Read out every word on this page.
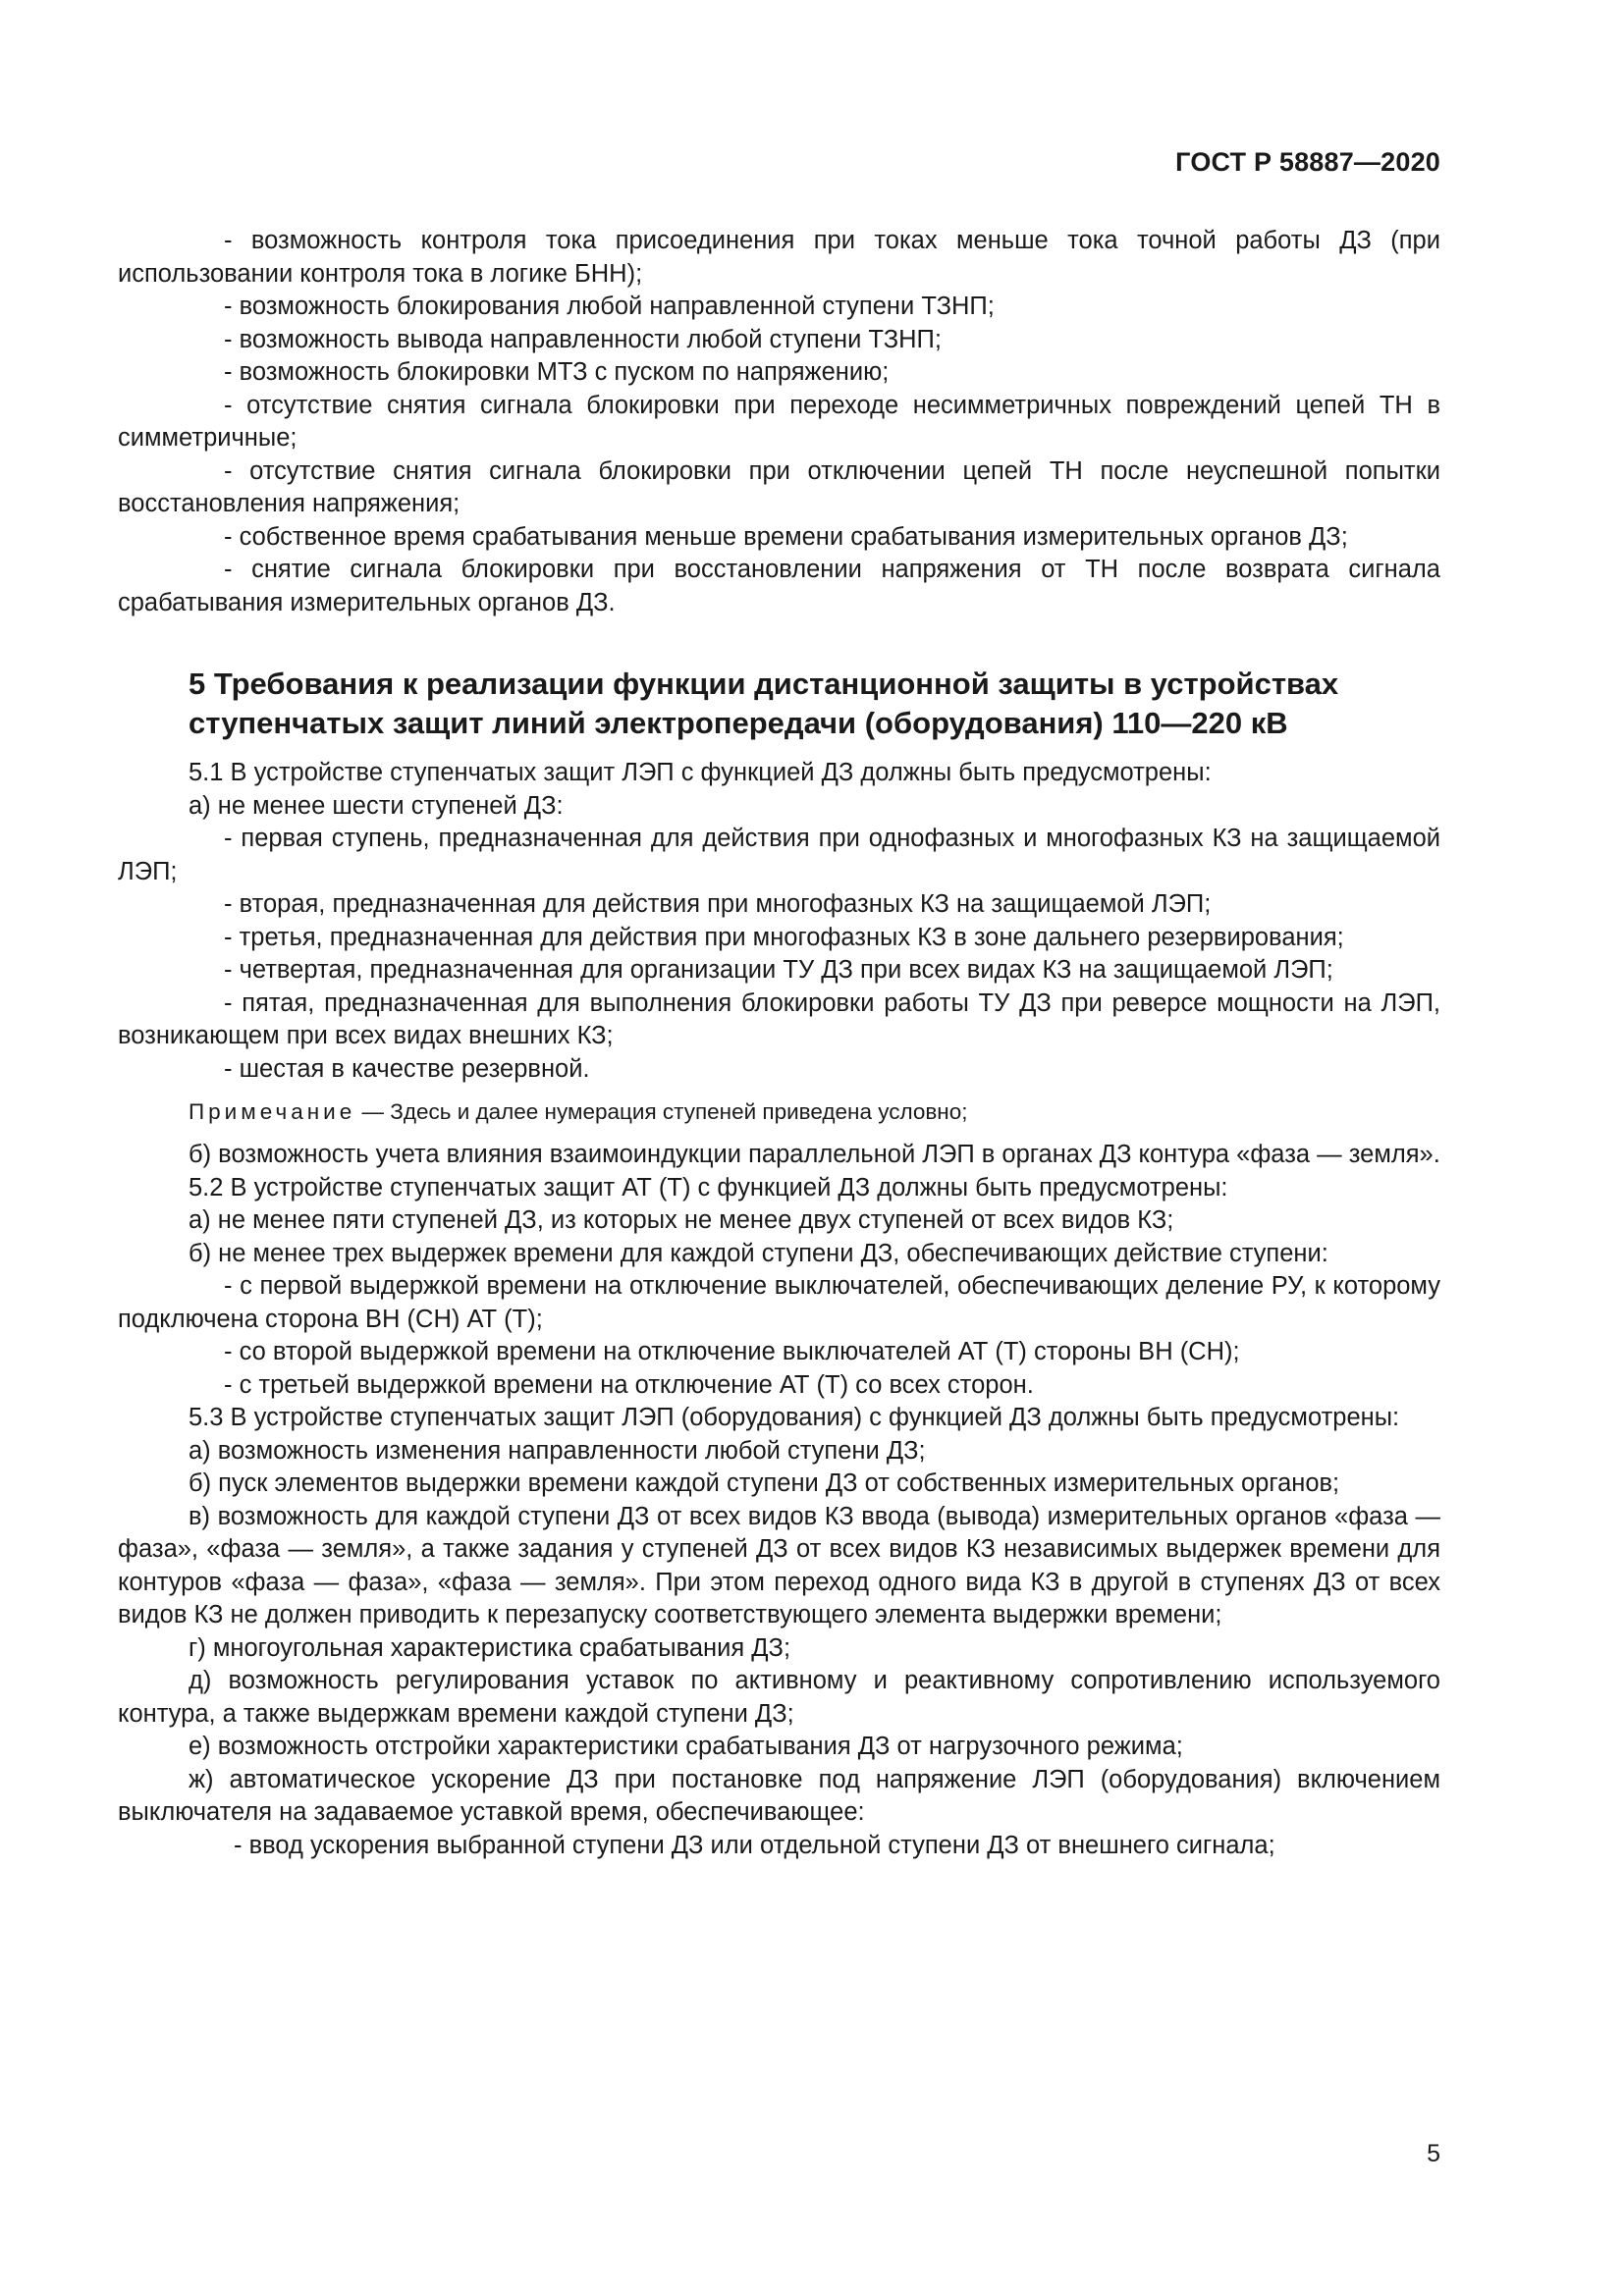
ГОСТ Р 58887—2020

- возможность контроля тока присоединения при токах меньше тока точной работы ДЗ (при использовании контроля тока в логике БНН);

- возможность блокирования любой направленной ступени ТЗНП;

- возможность вывода направленности любой ступени ТЗНП;

- возможность блокировки МТЗ с пуском по напряжению;

- отсутствие снятия сигнала блокировки при переходе несимметричных повреждений цепей ТН в симметричные;

- отсутствие снятия сигнала блокировки при отключении цепей ТН после неуспешной попытки восстановления напряжения;

- собственное время срабатывания меньше времени срабатывания измерительных органов ДЗ;

- снятие сигнала блокировки при восстановлении напряжения от ТН после возврата сигнала срабатывания измерительных органов ДЗ.

5 Требования к реализации функции дистанционной защиты в устройствах
ступенчатых защит линий электропередачи (оборудования) 110—220 кВ

5.1 В устройстве ступенчатых защит ЛЭП с функцией ДЗ должны быть предусмотрены:

а) не менее шести ступеней ДЗ:

- первая ступень, предназначенная для действия при однофазных и многофазных КЗ на защищаемой ЛЭП;

- вторая, предназначенная для действия при многофазных КЗ на защищаемой ЛЭП;

- третья, предназначенная для действия при многофазных КЗ в зоне дальнего резервирования;

- четвертая, предназначенная для организации ТУ ДЗ при всех видах КЗ на защищаемой ЛЭП;

- пятая, предназначенная для выполнения блокировки работы ТУ ДЗ при реверсе мощности на ЛЭП, возникающем при всех видах внешних КЗ;

- шестая в качестве резервной.

Примечание — Здесь и далее нумерация ступеней приведена условно;

б) возможность учета влияния взаимоиндукции параллельной ЛЭП в органах ДЗ контура «фаза — земля».

5.2 В устройстве ступенчатых защит АТ (Т) с функцией ДЗ должны быть предусмотрены:

а) не менее пяти ступеней ДЗ, из которых не менее двух ступеней от всех видов КЗ;

б) не менее трех выдержек времени для каждой ступени ДЗ, обеспечивающих действие ступени:

- с первой выдержкой времени на отключение выключателей, обеспечивающих деление РУ, к которому подключена сторона ВН (СН) АТ (Т);

- со второй выдержкой времени на отключение выключателей АТ (Т) стороны ВН (СН);

- с третьей выдержкой времени на отключение АТ (Т) со всех сторон.

5.3 В устройстве ступенчатых защит ЛЭП (оборудования) с функцией ДЗ должны быть предусмотрены:

а) возможность изменения направленности любой ступени ДЗ;

б) пуск элементов выдержки времени каждой ступени ДЗ от собственных измерительных органов;

в) возможность для каждой ступени ДЗ от всех видов КЗ ввода (вывода) измерительных органов «фаза — фаза», «фаза — земля», а также задания у ступеней ДЗ от всех видов КЗ независимых выдержек времени для контуров «фаза — фаза», «фаза — земля». При этом переход одного вида КЗ в другой в ступенях ДЗ от всех видов КЗ не должен приводить к перезапуску соответствующего элемента выдержки времени;

г) многоугольная характеристика срабатывания ДЗ;

д) возможность регулирования уставок по активному и реактивному сопротивлению используемого контура, а также выдержкам времени каждой ступени ДЗ;

е) возможность отстройки характеристики срабатывания ДЗ от нагрузочного режима;

ж) автоматическое ускорение ДЗ при постановке под напряжение ЛЭП (оборудования) включением выключателя на задаваемое уставкой время, обеспечивающее:

- ввод ускорения выбранной ступени ДЗ или отдельной ступени ДЗ от внешнего сигнала;

5
